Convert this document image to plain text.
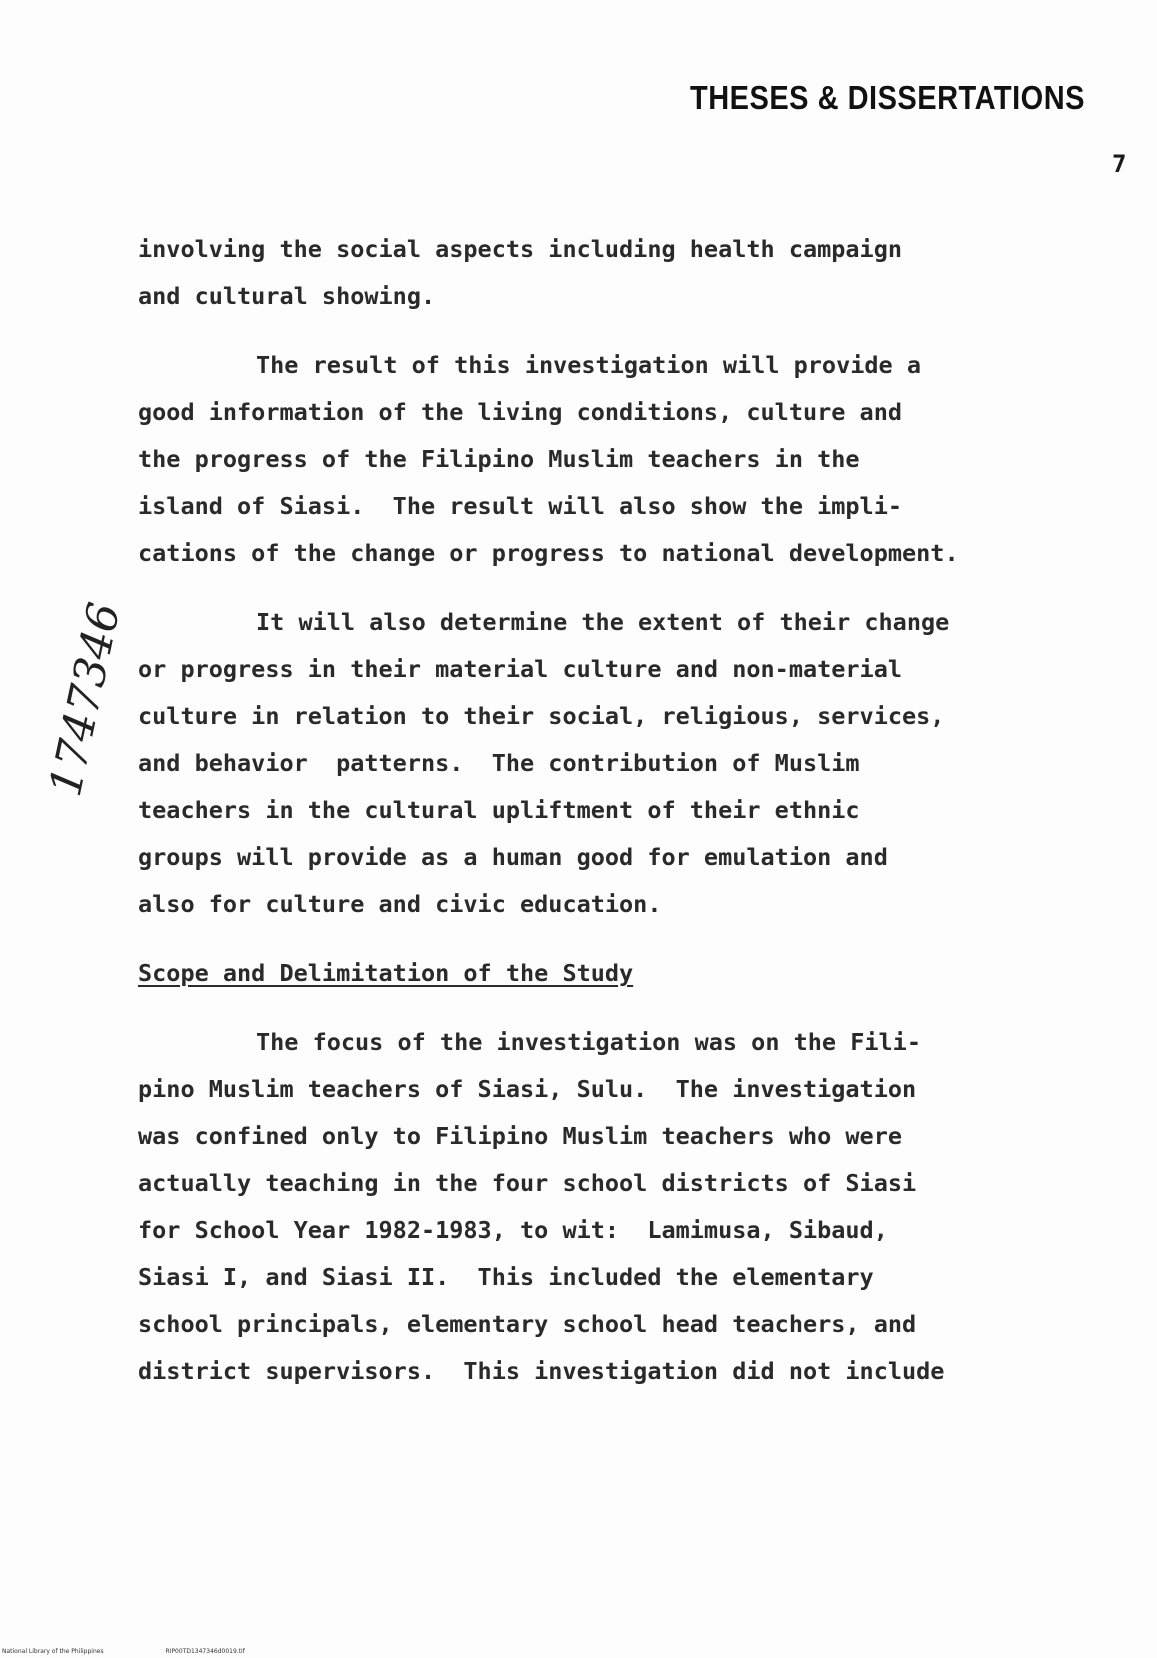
THESES & DISSERTATIONS
7
1747346
involving the social aspects including health campaign
and cultural showing.
The result of this investigation will provide a
good information of the living conditions, culture and
the progress of the Filipino Muslim teachers in the
island of Siasi.  The result will also show the impli-
cations of the change or progress to national development.
It will also determine the extent of their change
or progress in their material culture and non-material
culture in relation to their social, religious, services,
and behavior  patterns.  The contribution of Muslim
teachers in the cultural upliftment of their ethnic
groups will provide as a human good for emulation and
also for culture and civic education.
Scope and Delimitation of the Study
The focus of the investigation was on the Fili-
pino Muslim teachers of Siasi, Sulu.  The investigation
was confined only to Filipino Muslim teachers who were
actually teaching in the four school districts of Siasi
for School Year 1982-1983, to wit:  Lamimusa, Sibaud,
Siasi I, and Siasi II.  This included the elementary
school principals, elementary school head teachers, and
district supervisors.  This investigation did not include
National Library of the Philippines	RIP00TD1347346d0019.tif
